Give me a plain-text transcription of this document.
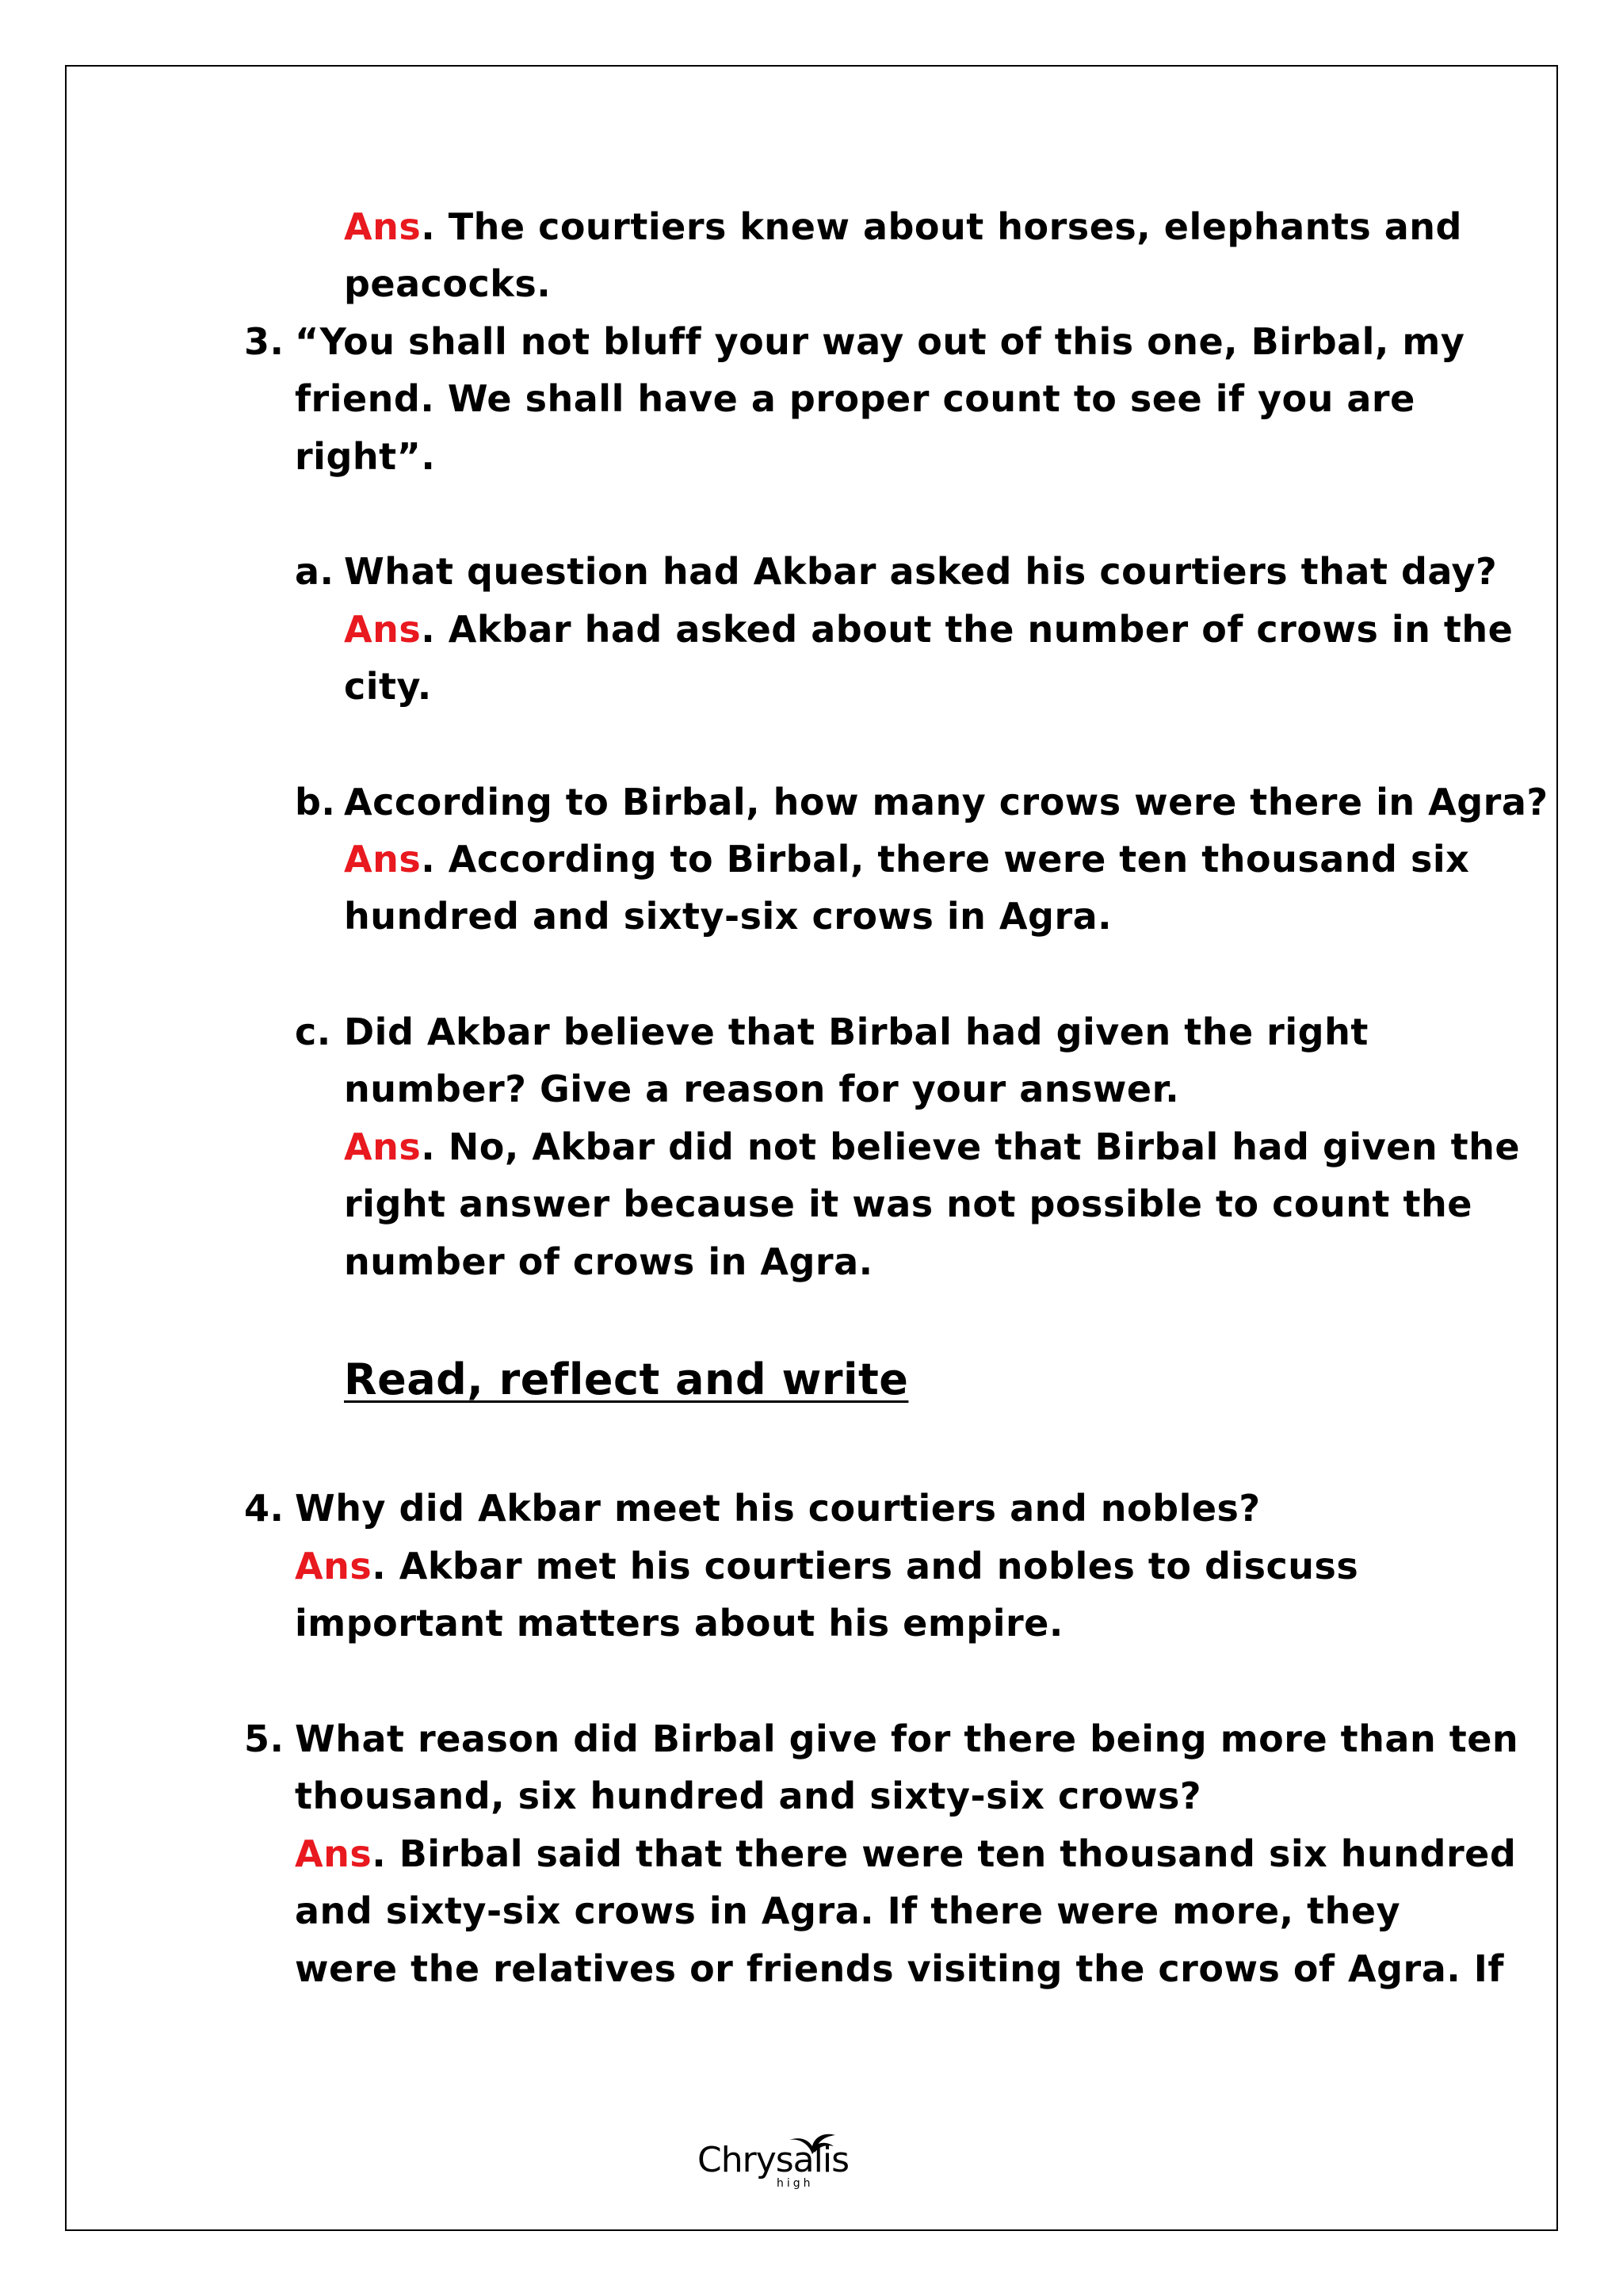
Ans. The courtiers knew about horses, elephants and
peacocks.
3. “You shall not bluff your way out of this one, Birbal, my
friend. We shall have a proper count to see if you are
right”.
a. What question had Akbar asked his courtiers that day?
Ans. Akbar had asked about the number of crows in the
city.
b. According to Birbal, how many crows were there in Agra?
Ans. According to Birbal, there were ten thousand six
hundred and sixty-six crows in Agra.
c. Did Akbar believe that Birbal had given the right
number? Give a reason for your answer.
Ans. No, Akbar did not believe that Birbal had given the
right answer because it was not possible to count the
number of crows in Agra.
Read, reflect and write
4. Why did Akbar meet his courtiers and nobles?
Ans. Akbar met his courtiers and nobles to discuss
important matters about his empire.
5. What reason did Birbal give for there being more than ten
thousand, six hundred and sixty-six crows?
Ans. Birbal said that there were ten thousand six hundred
and sixty-six crows in Agra. If there were more, they
were the relatives or friends visiting the crows of Agra. If
Chrysalis
high
